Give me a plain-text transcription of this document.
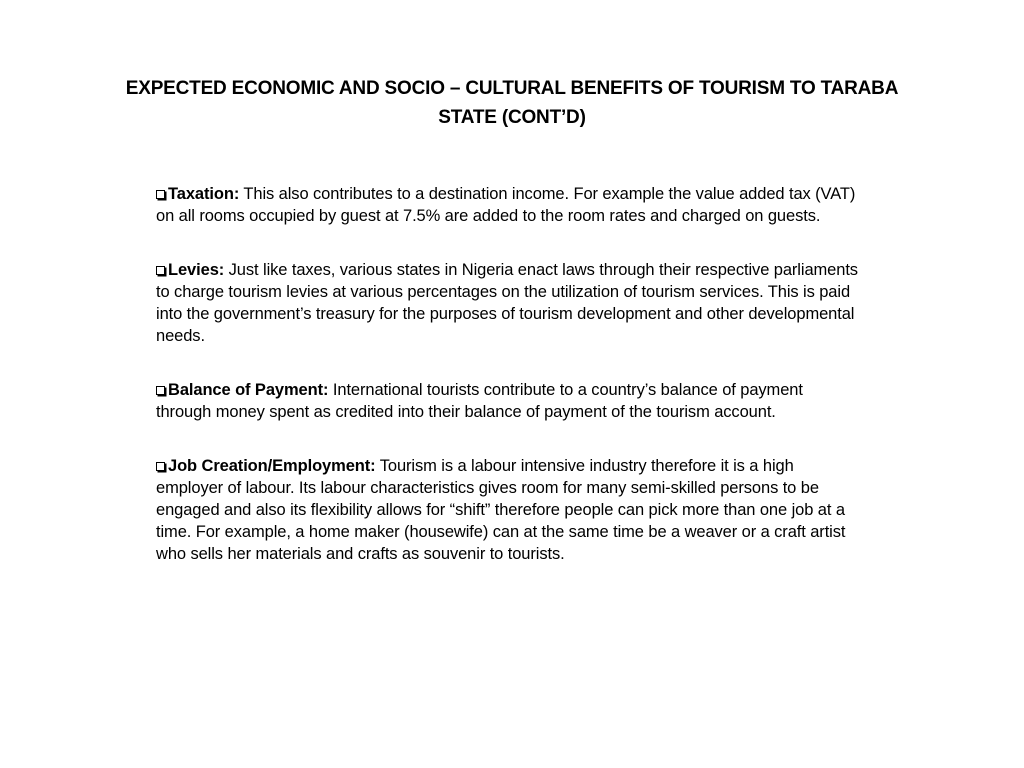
EXPECTED ECONOMIC AND SOCIO – CULTURAL BENEFITS OF TOURISM TO TARABA STATE (CONT’D)
Taxation: This also contributes to a destination income. For example the value added tax (VAT) on all rooms occupied by guest at 7.5% are added to the room rates and charged on guests.
Levies: Just like taxes, various states in Nigeria enact laws through their respective parliaments to charge tourism levies at various percentages on the utilization of tourism services. This is paid into the government’s treasury for the purposes of tourism development and other developmental needs.
Balance of Payment: International tourists contribute to a country’s balance of payment through money spent as credited into their balance of payment of the tourism account.
Job Creation/Employment: Tourism is a labour intensive industry therefore it is a high employer of labour. Its labour characteristics gives room for many semi-skilled persons to be engaged and also its flexibility allows for “shift” therefore people can pick more than one job at a time. For example, a home maker (housewife) can at the same time be a weaver or a craft artist who sells her materials and crafts as souvenir to tourists.
